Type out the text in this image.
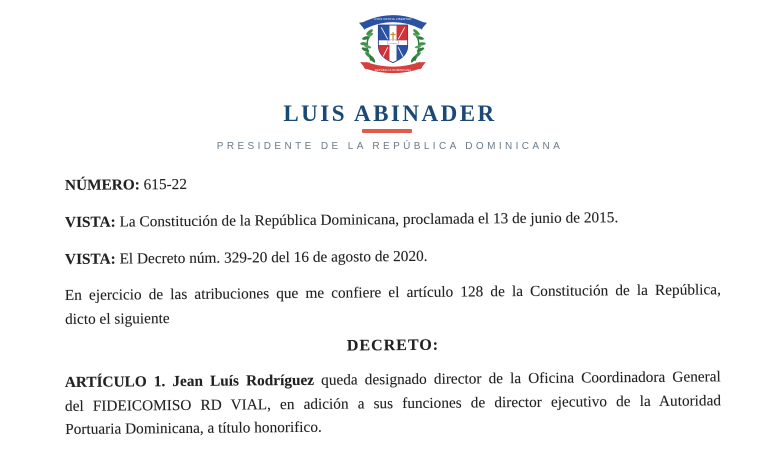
DIOS PATRIA LIBERTAD
REPÚBLICA DOMINICANA
LUIS ABINADER
PRESIDENTE DE LA REPÚBLICA DOMINICANA
NÚMERO: 615-22
VISTA: La Constitución de la República Dominicana, proclamada el 13 de junio de 2015.
VISTA: El Decreto núm. 329-20 del 16 de agosto de 2020.
En ejercicio de las atribuciones que me confiere el artículo 128 de la Constitución de la República,
dicto el siguiente
DECRETO:
ARTÍCULO 1. Jean Luís Rodríguez queda designado director de la Oficina Coordinadora General
del FIDEICOMISO RD VIAL, en adición a sus funciones de director ejecutivo de la Autoridad
Portuaria Dominicana, a título honorifico.
